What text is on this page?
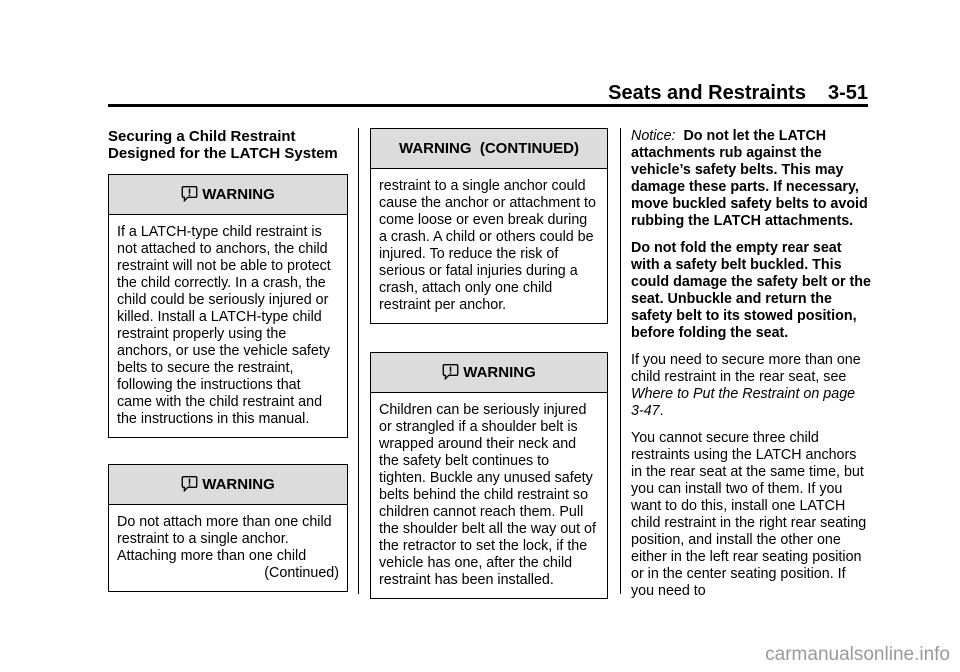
Seats and Restraints 3-51
Securing a Child Restraint Designed for the LATCH System
WARNING

If a LATCH-type child restraint is not attached to anchors, the child restraint will not be able to protect the child correctly. In a crash, the child could be seriously injured or killed. Install a LATCH-type child restraint properly using the anchors, or use the vehicle safety belts to secure the restraint, following the instructions that came with the child restraint and the instructions in this manual.

WARNING

Do not attach more than one child restraint to a single anchor. Attaching more than one child

(Continued)

WARNING  (CONTINUED)

restraint to a single anchor could cause the anchor or attachment to come loose or even break during a crash. A child or others could be injured. To reduce the risk of serious or fatal injuries during a crash, attach only one child restraint per anchor.

WARNING

Children can be seriously injured or strangled if a shoulder belt is wrapped around their neck and the safety belt continues to tighten. Buckle any unused safety belts behind the child restraint so children cannot reach them. Pull the shoulder belt all the way out of the retractor to set the lock, if the vehicle has one, after the child restraint has been installed.

Notice: Do not let the LATCH attachments rub against the vehicle’s safety belts. This may damage these parts. If necessary, move buckled safety belts to avoid rubbing the LATCH attachments.

Do not fold the empty rear seat with a safety belt buckled. This could damage the safety belt or the seat. Unbuckle and return the safety belt to its stowed position, before folding the seat.

If you need to secure more than one child restraint in the rear seat, see Where to Put the Restraint on page 3-47.

You cannot secure three child restraints using the LATCH anchors in the rear seat at the same time, but you can install two of them. If you want to do this, install one LATCH child restraint in the right rear seating position, and install the other one either in the left rear seating position or in the center seating position. If you need to

carmanualsonline.info
